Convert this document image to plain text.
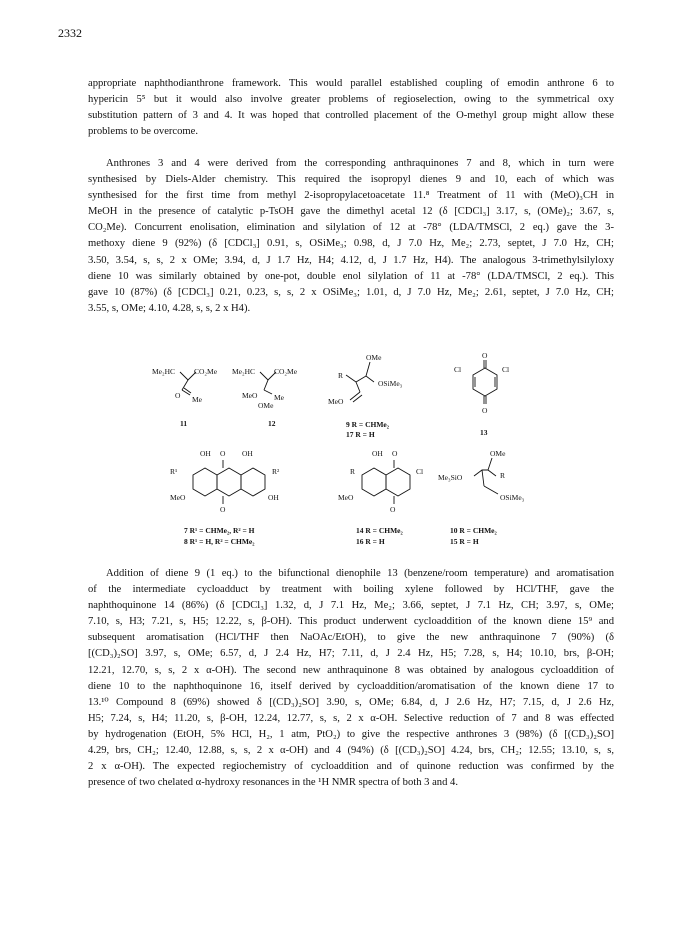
2332

appropriate naphthodianthrone framework. This would parallel established coupling of emodin anthrone 6 to
hypericin 5⁵ but it would also involve greater problems of regioselection, owing to the symmetrical oxy
substitution pattern of 3 and 4. It was hoped that controlled placement of the O-methyl group might allow these
problems to be overcome.

Anthrones 3 and 4 were derived from the corresponding anthraquinones 7 and 8, which in turn were
synthesised by Diels-Alder chemistry. This required the isopropyl dienes 9 and 10, each of which was
synthesised for the first time from methyl 2-isopropylacetoacetate 11.⁸ Treatment of 11 with (MeO)₃CH in
MeOH in the presence of catalytic p-TsOH gave the dimethyl acetal 12 (δ [CDCl₃] 3.17, s, (OMe)₂; 3.67, s,
CO₂Me). Concurrent enolisation, elimination and silylation of 12 at -78° (LDA/TMSCl, 2 eq.) gave the 3-
methoxy diene 9 (92%) (δ [CDCl₃] 0.91, s, OSiMe₃; 0.98, d, J 7.0 Hz, Me₂; 2.73, septet, J 7.0 Hz, CH;
3.50, 3.54, s, s, 2 x OMe; 3.94, d, J 1.7 Hz, H4; 4.12, d, J 1.7 Hz, H4). The analogous 3-trimethylsilyloxy
diene 10 was similarly obtained by one-pot, double enol silylation of 11 at -78° (LDA/TMSCl, 2 eq.). This
gave 10 (87%) (δ [CDCl₃] 0.21, 0.23, s, s, 2 x OSiMe₃; 1.01, d, J 7.0 Hz, Me₂; 2.61, septet, J 7.0 Hz, CH;
3.55, s, OMe; 4.10, 4.28, s, s, 2 x H4).

Me₂HC	CO₂Me
O Me
11
Me₂HC	CO₂Me
MeO Me
OMe
12
OMe
R
OSiMe₃
MeO
9 R = CHMe₂
17 R = H
O
Cl	Cl
O
13
OH O OH
R¹	R²
MeO	OH
O
7 R¹ = CHMe₂, R² = H
8 R¹ = H, R² = CHMe₂
OH O
R	Cl
MeO
O
14 R = CHMe₂
16 R = H
OMe
Me₃SiO	R
OSiMe₃
10 R = CHMe₂
15 R = H

Addition of diene 9 (1 eq.) to the bifunctional dienophile 13 (benzene/room temperature) and aromatisation
of the intermediate cycloadduct by treatment with boiling xylene followed by HCl/THF, gave the
naphthoquinone 14 (86%) (δ [CDCl₃] 1.32, d, J 7.1 Hz, Me₂; 3.66, septet, J 7.1 Hz, CH; 3.97, s, OMe;
7.10, s, H3; 7.21, s, H5; 12.22, s, β-OH). This product underwent cycloaddition of the known diene 15⁹ and
subsequent aromatisation (HCl/THF then NaOAc/EtOH), to give the new anthraquinone 7 (90%) (δ
[(CD₃)₂SO] 3.97, s, OMe; 6.57, d, J 2.4 Hz, H7; 7.11, d, J 2.4 Hz, H5; 7.28, s, H4; 10.10, brs, β-OH;
12.21, 12.70, s, s, 2 x α-OH). The second new anthraquinone 8 was obtained by analogous cycloaddition of
diene 10 to the naphthoquinone 16, itself derived by cycloaddition/aromatisation of the known diene 17 to
13.¹⁰ Compound 8 (69%) showed δ [(CD₃)₂SO] 3.90, s, OMe; 6.84, d, J 2.6 Hz, H7; 7.15, d, J 2.6 Hz,
H5; 7.24, s, H4; 11.20, s, β-OH, 12.24, 12.77, s, s, 2 x α-OH. Selective reduction of 7 and 8 was effected
by hydrogenation (EtOH, 5% HCl, H₂, 1 atm, PtO₂) to give the respective anthrones 3 (98%) (δ [(CD₃)₂SO]
4.29, brs, CH₂; 12.40, 12.88, s, s, 2 x α-OH) and 4 (94%) (δ [(CD₃)₂SO] 4.24, brs, CH₂; 12.55; 13.10, s, s,
2 x α-OH). The expected regiochemistry of cycloaddition and of quinone reduction was confirmed by the
presence of two chelated α-hydroxy resonances in the ¹H NMR spectra of both 3 and 4.
